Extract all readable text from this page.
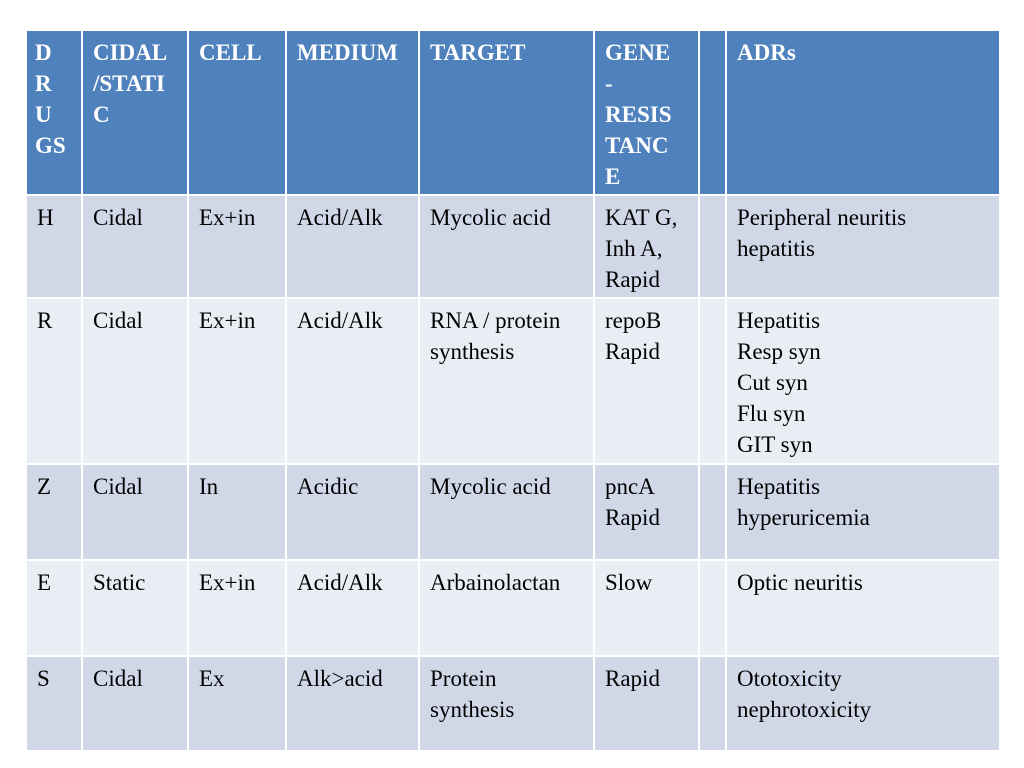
D
R
U
GS	CIDAL
/STATI
C	CELL	MEDIUM	TARGET	GENE
-
RESIS
TANC
E		ADRs
H	Cidal	Ex+in	Acid/Alk	Mycolic acid	KAT G,
Inh A,
Rapid		Peripheral neuritis
hepatitis
R	Cidal	Ex+in	Acid/Alk	RNA / protein
synthesis	repoB
Rapid		Hepatitis
Resp syn
Cut syn
Flu syn
GIT syn
Z	Cidal	In	Acidic	Mycolic acid	pncA
Rapid		Hepatitis
hyperuricemia
E	Static	Ex+in	Acid/Alk	Arbainolactan	Slow		Optic neuritis
S	Cidal	Ex	Alk>acid	Protein
synthesis	Rapid		Ototoxicity
nephrotoxicity
